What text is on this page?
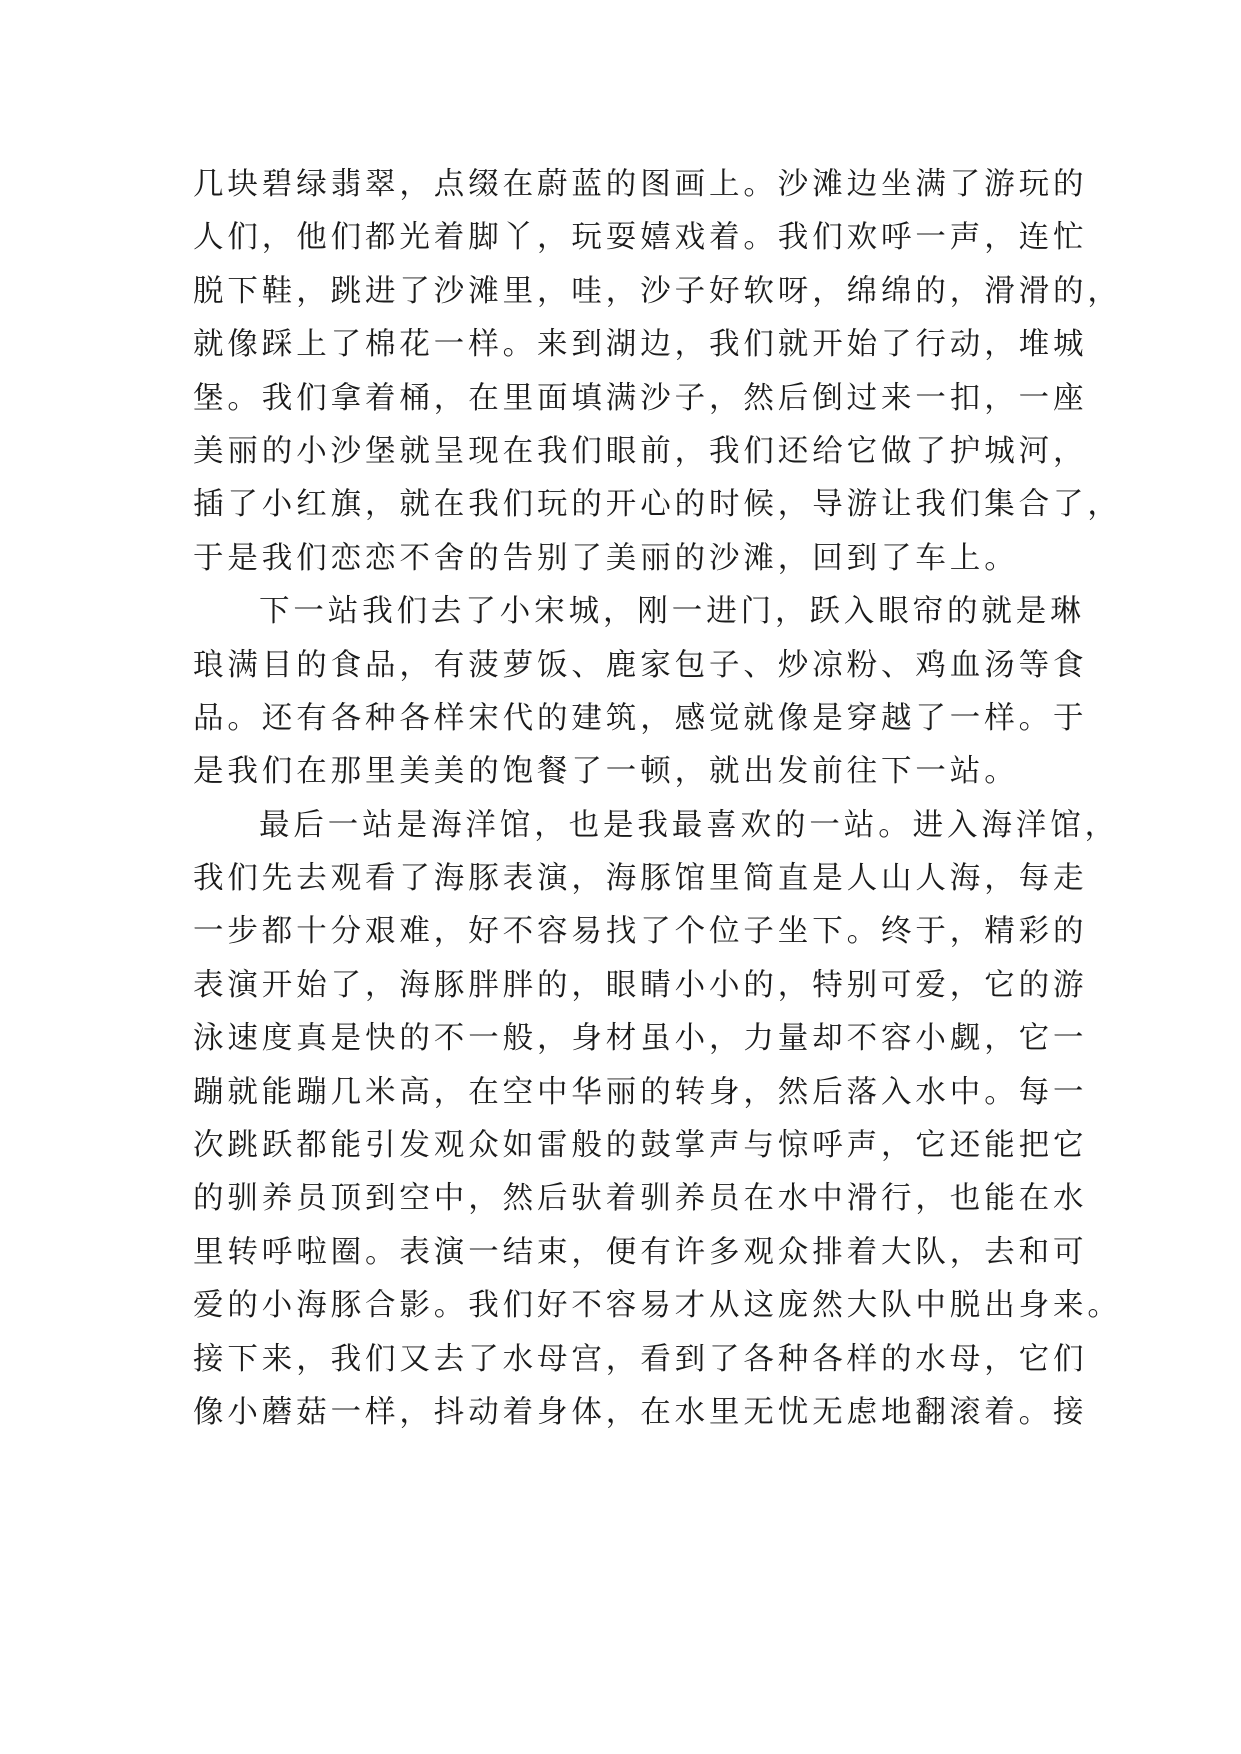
几块碧绿翡翠，点缀在蔚蓝的图画上。沙滩边坐满了游玩的
人们，他们都光着脚丫，玩耍嬉戏着。我们欢呼一声，连忙
脱下鞋，跳进了沙滩里，哇，沙子好软呀，绵绵的，滑滑的，
就像踩上了棉花一样。来到湖边，我们就开始了行动，堆城
堡。我们拿着桶，在里面填满沙子，然后倒过来一扣，一座
美丽的小沙堡就呈现在我们眼前，我们还给它做了护城河，
插了小红旗，就在我们玩的开心的时候，导游让我们集合了，
于是我们恋恋不舍的告别了美丽的沙滩，回到了车上。
下一站我们去了小宋城，刚一进门，跃入眼帘的就是琳
琅满目的食品，有菠萝饭、鹿家包子、炒凉粉、鸡血汤等食
品。还有各种各样宋代的建筑，感觉就像是穿越了一样。于
是我们在那里美美的饱餐了一顿，就出发前往下一站。
最后一站是海洋馆，也是我最喜欢的一站。进入海洋馆，
我们先去观看了海豚表演，海豚馆里简直是人山人海，每走
一步都十分艰难，好不容易找了个位子坐下。终于，精彩的
表演开始了，海豚胖胖的，眼睛小小的，特别可爱，它的游
泳速度真是快的不一般，身材虽小，力量却不容小觑，它一
蹦就能蹦几米高，在空中华丽的转身，然后落入水中。每一
次跳跃都能引发观众如雷般的鼓掌声与惊呼声，它还能把它
的驯养员顶到空中，然后驮着驯养员在水中滑行，也能在水
里转呼啦圈。表演一结束，便有许多观众排着大队，去和可
爱的小海豚合影。我们好不容易才从这庞然大队中脱出身来。
接下来，我们又去了水母宫，看到了各种各样的水母，它们
像小蘑菇一样，抖动着身体，在水里无忧无虑地翻滚着。接
